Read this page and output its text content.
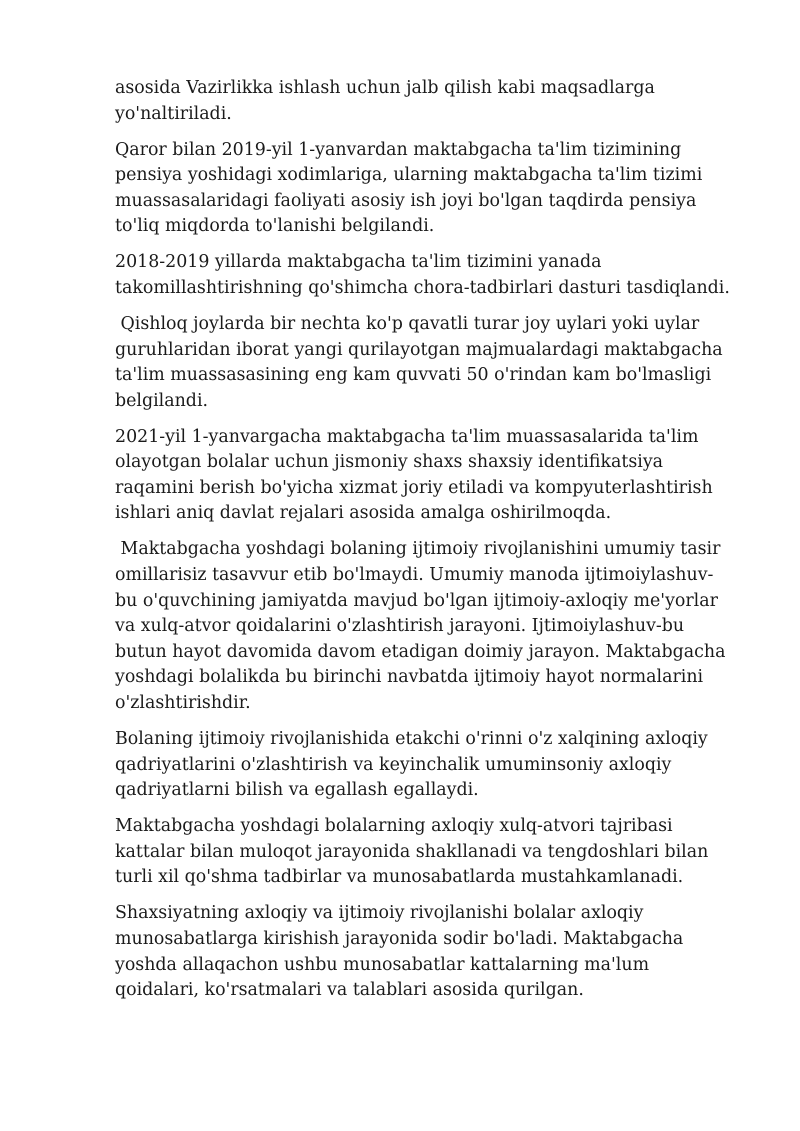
asosida Vazirlikka ishlash uchun jalb qilish kabi maqsadlarga yo'naltiriladi.

Qaror bilan 2019-yil 1-yanvardan maktabgacha ta'lim tizimining pensiya yoshidagi xodimlariga, ularning maktabgacha ta'lim tizimi muassasalaridagi faoliyati asosiy ish joyi bo'lgan taqdirda pensiya to'liq miqdorda to'lanishi belgilandi.

2018-2019 yillarda maktabgacha ta'lim tizimini yanada takomillashtirishning qo'shimcha chora-tadbirlari dasturi tasdiqlandi.

Qishloq joylarda bir nechta ko'p qavatli turar joy uylari yoki uylar guruhlaridan iborat yangi qurilayotgan majmualardagi maktabgacha ta'lim muassasasining eng kam quvvati 50 o'rindan kam bo'lmasligi belgilandi.

2021-yil 1-yanvargacha maktabgacha ta'lim muassasalarida ta'lim olayotgan bolalar uchun jismoniy shaxs shaxsiy identifikatsiya raqamini berish bo'yicha xizmat joriy etiladi va kompyuterlashtirish ishlari aniq davlat rejalari asosida amalga oshirilmoqda.

Maktabgacha yoshdagi bolaning ijtimoiy rivojlanishini umumiy tasir omillarisiz tasavvur etib bo'lmaydi. Umumiy manoda ijtimoiylashuv-bu o'quvchining jamiyatda mavjud bo'lgan ijtimoiy-axloqiy me'yorlar va xulq-atvor qoidalarini o'zlashtirish jarayoni. Ijtimoiylashuv-bu butun hayot davomida davom etadigan doimiy jarayon. Maktabgacha yoshdagi bolalikda bu birinchi navbatda ijtimoiy hayot normalarini o'zlashtirishdir.

Bolaning ijtimoiy rivojlanishida etakchi o'rinni o'z xalqining axloqiy qadriyatlarini o'zlashtirish va keyinchalik umuminsoniy axloqiy qadriyatlarni bilish va egallash egallaydi.

Maktabgacha yoshdagi bolalarning axloqiy xulq-atvori tajribasi kattalar bilan muloqot jarayonida shakllanadi va tengdoshlari bilan turli xil qo'shma tadbirlar va munosabatlarda mustahkamlanadi.

Shaxsiyatning axloqiy va ijtimoiy rivojlanishi bolalar axloqiy munosabatlarga kirishish jarayonida sodir bo'ladi. Maktabgacha yoshda allaqachon ushbu munosabatlar kattalarning ma'lum qoidalari, ko'rsatmalari va talablari asosida qurilgan.
